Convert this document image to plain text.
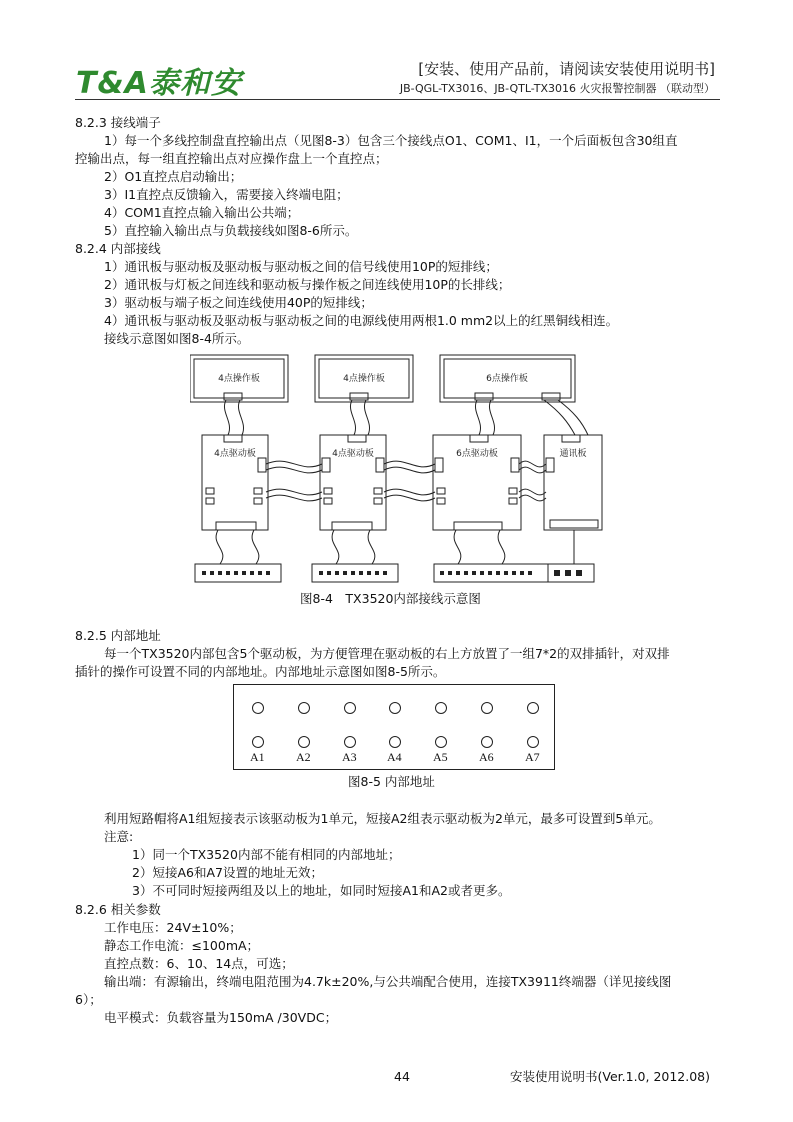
T&A泰和安	[安装、使用产品前，请阅读安装使用说明书]
JB-QGL-TX3016、JB-QTL-TX3016 火灾报警控制器 （联动型）
8.2.3 接线端子
1）每一个多线控制盘直控输出点（见图8-3）包含三个接线点O1、COM1、I1，一个后面板包含30组直
控输出点，每一组直控输出点对应操作盘上一个直控点；
2）O1直控点启动输出；
3）I1直控点反馈输入，需要接入终端电阻；
4）COM1直控点输入输出公共端；
5）直控输入输出点与负载接线如图8-6所示。
8.2.4 内部接线
1）通讯板与驱动板及驱动板与驱动板之间的信号线使用10P的短排线；
2）通讯板与灯板之间连线和驱动板与操作板之间连线使用10P的长排线；
3）驱动板与端子板之间连线使用40P的短排线；
4）通讯板与驱动板及驱动板与驱动板之间的电源线使用两根1.0 mm2以上的红黑铜线相连。
接线示意图如图8-4所示。
4点操作板	4点操作板	6点操作板
4点驱动板	4点驱动板	6点驱动板	通讯板
图8-4　TX3520内部接线示意图
8.2.5 内部地址
每一个TX3520内部包含5个驱动板，为方便管理在驱动板的右上方放置了一组7*2的双排插针，对双排
插针的操作可设置不同的内部地址。内部地址示意图如图8-5所示。
A1	A2	A3	A4	A5	A6	A7
图8-5 内部地址
利用短路帽将A1组短接表示该驱动板为1单元，短接A2组表示驱动板为2单元，最多可设置到5单元。
注意:
1）同一个TX3520内部不能有相同的内部地址；
2）短接A6和A7设置的地址无效；
3）不可同时短接两组及以上的地址，如同时短接A1和A2或者更多。
8.2.6 相关参数
工作电压：24V±10%；
静态工作电流：≤100mA；
直控点数：6、10、14点，可选；
输出端：有源输出，终端电阻范围为4.7k±20%,与公共端配合使用，连接TX3911终端器（详见接线图
6）；
电平模式：负载容量为150mA /30VDC；
44	安装使用说明书(Ver.1.0, 2012.08)
